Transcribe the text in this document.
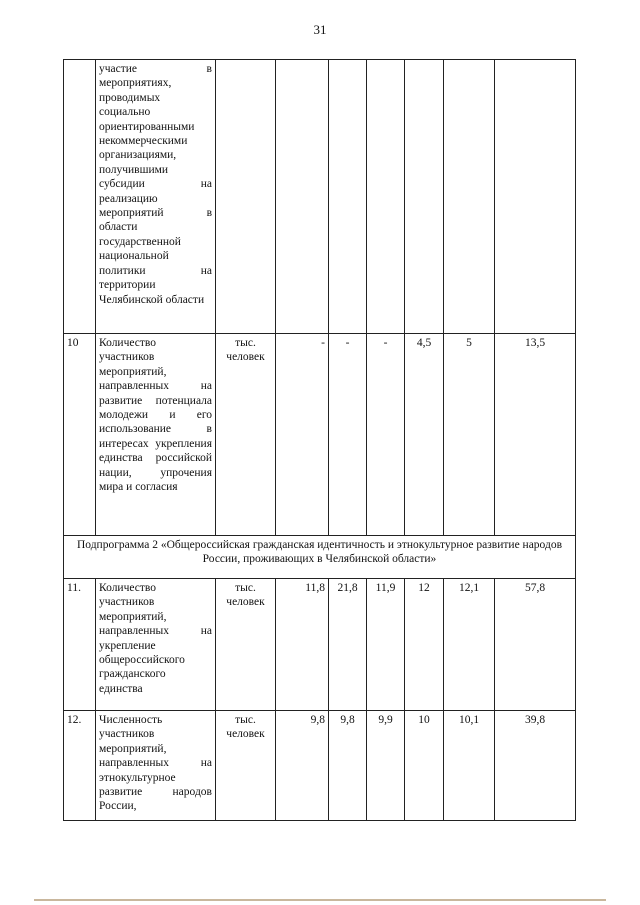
31
	участие в мероприятиях, проводимых социально ориентированными некоммерческими организациями, получившими субсидии на реализацию мероприятий в области государственной национальной политики на территории Челябинской области							
10	Количество участников мероприятий, направленных на развитие потенциала молодежи и его использование в интересах укрепления единства российской нации, упрочения мира и согласия	тыс. человек	-	-	-	4,5	5	13,5
Подпрограмма 2 «Общероссийская гражданская идентичность и этнокультурное развитие народов России, проживающих в Челябинской области»								
11.	Количество участников мероприятий, направленных на укрепление общероссийского гражданского единства	тыс. человек	11,8	21,8	11,9	12	12,1	57,8
12.	Численность участников мероприятий, направленных на этнокультурное развитие народов России,	тыс. человек	9,8	9,8	9,9	10	10,1	39,8
